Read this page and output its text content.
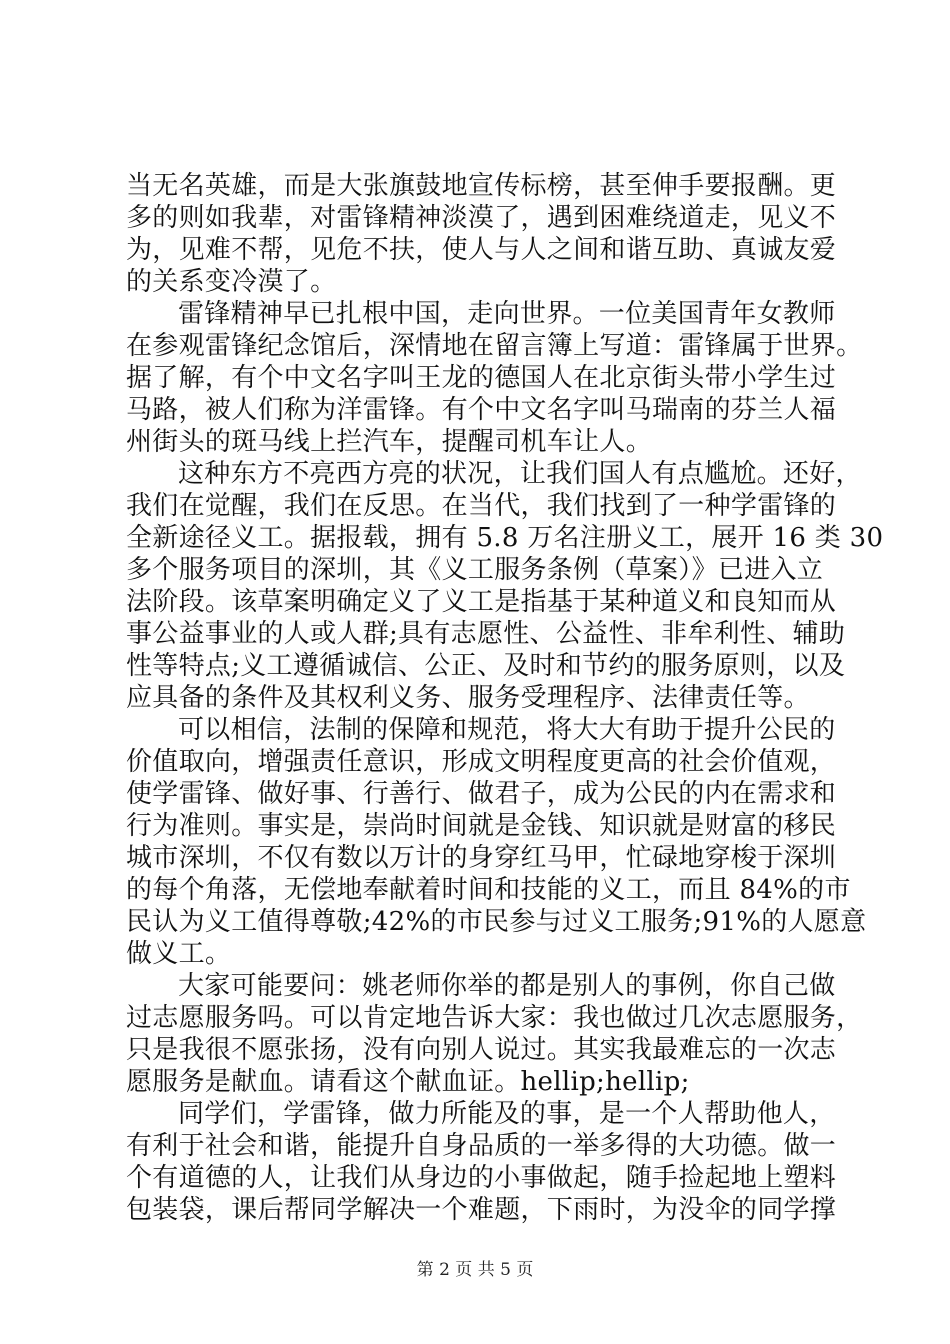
当无名英雄，而是大张旗鼓地宣传标榜，甚至伸手要报酬。更
多的则如我辈，对雷锋精神淡漠了，遇到困难绕道走，见义不
为，见难不帮，见危不扶，使人与人之间和谐互助、真诚友爱
的关系变冷漠了。
雷锋精神早已扎根中国，走向世界。一位美国青年女教师
在参观雷锋纪念馆后，深情地在留言簿上写道：雷锋属于世界。
据了解，有个中文名字叫王龙的德国人在北京街头带小学生过
马路，被人们称为洋雷锋。有个中文名字叫马瑞南的芬兰人福
州街头的斑马线上拦汽车，提醒司机车让人。
这种东方不亮西方亮的状况，让我们国人有点尴尬。还好，
我们在觉醒，我们在反思。在当代，我们找到了一种学雷锋的
全新途径义工。据报载，拥有 5.8 万名注册义工，展开 16 类 30
多个服务项目的深圳，其《义工服务条例（草案）》已进入立
法阶段。该草案明确定义了义工是指基于某种道义和良知而从
事公益事业的人或人群;具有志愿性、公益性、非牟利性、辅助
性等特点;义工遵循诚信、公正、及时和节约的服务原则，以及
应具备的条件及其权利义务、服务受理程序、法律责任等。
可以相信，法制的保障和规范，将大大有助于提升公民的
价值取向，增强责任意识，形成文明程度更高的社会价值观，
使学雷锋、做好事、行善行、做君子，成为公民的内在需求和
行为准则。事实是，崇尚时间就是金钱、知识就是财富的移民
城市深圳，不仅有数以万计的身穿红马甲，忙碌地穿梭于深圳
的每个角落，无偿地奉献着时间和技能的义工，而且 84%的市
民认为义工值得尊敬;42%的市民参与过义工服务;91%的人愿意
做义工。
大家可能要问：姚老师你举的都是别人的事例，你自己做
过志愿服务吗。可以肯定地告诉大家：我也做过几次志愿服务，
只是我很不愿张扬，没有向别人说过。其实我最难忘的一次志
愿服务是献血。请看这个献血证。hellip;hellip;
同学们，学雷锋，做力所能及的事，是一个人帮助他人，
有利于社会和谐，能提升自身品质的一举多得的大功德。做一
个有道德的人，让我们从身边的小事做起，随手捡起地上塑料
包装袋，课后帮同学解决一个难题，下雨时，为没伞的同学撑
第 2 页 共 5 页
